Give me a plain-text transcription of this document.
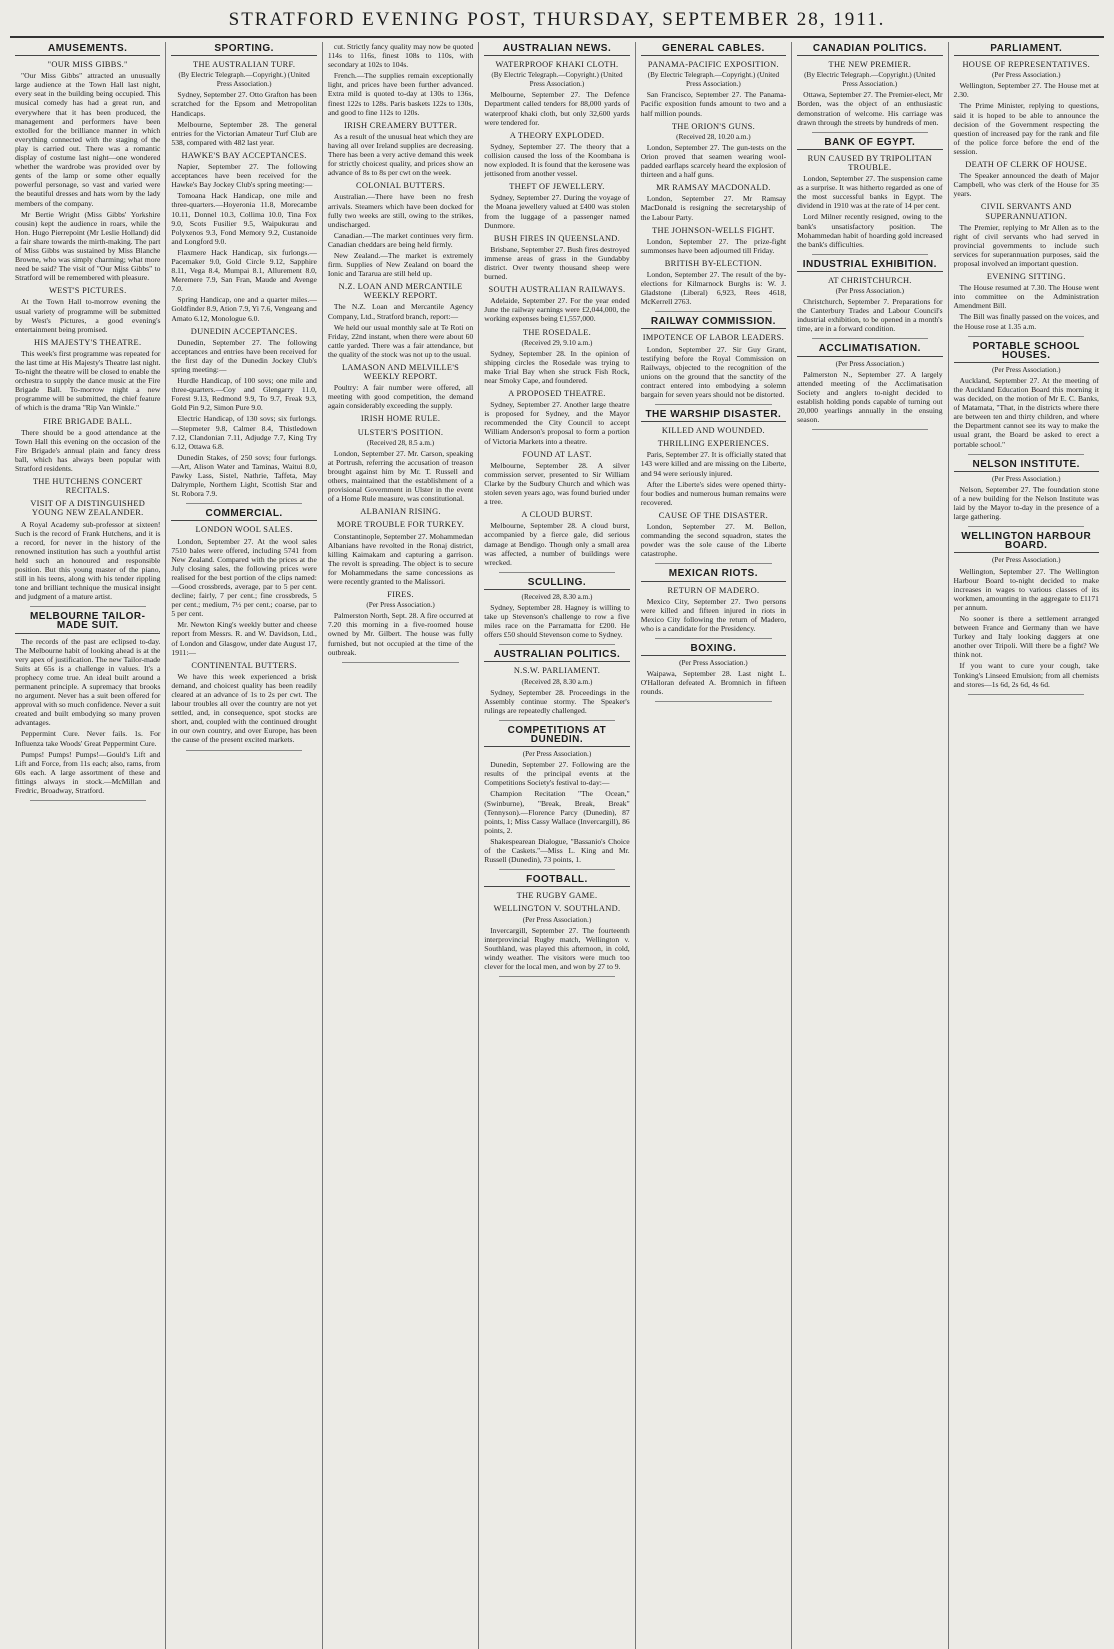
STRATFORD EVENING POST, THURSDAY, SEPTEMBER 28, 1911.
AMUSEMENTS.
"OUR MISS GIBBS."

"Our Miss Gibbs" attracted an unusually large audience at the Town Hall last night, every seat in the building being occupied. This musical comedy has had a great run, and everywhere that it has been produced, the management and performers have been extolled for the brilliance manner in which everything connected with the staging of the play is carried out. There was a romantic display of costume last night—one wondered whether the wardrobe was provided over by gents of the lamp or some other equally powerful personage, so vast and varied were the beautiful dresses and hats worn by the lady members of the company.

Mr Bertie Wright (Miss Gibbs' Yorkshire cousin) kept the audience in roars, while the Hon. Hugo Pierrepoint (Mr Leslie Holland) did a fair share towards the mirth-making. The part of Miss Gibbs was sustained by Miss Blanche Browne, who was simply charming; what more need be said? The visit of "Our Miss Gibbs" to Stratford will be remembered with pleasure.

WEST'S PICTURES.

At the Town Hall to-morrow evening the usual variety of programme will be submitted by West's Pictures, a good evening's entertainment being promised.

HIS MAJESTY'S THEATRE.

This week's first programme was repeated for the last time at His Majesty's Theatre last night. To-night the theatre will be closed to enable the orchestra to supply the dance music at the Fire Brigade Ball. To-morrow night a new programme will be submitted, the chief feature of which is the drama "Rip Van Winkle."

FIRE BRIGADE BALL.

There should be a good attendance at the Town Hall this evening on the occasion of the Fire Brigade's annual plain and fancy dress ball, which has always been popular with Stratford residents.

THE HUTCHENS CONCERT RECITALS.
VISIT OF A DISTINGUISHED YOUNG NEW ZEALANDER.

A Royal Academy sub-professor at sixteen! Such is the record of Frank Hutchens, and it is a record, for never in the history of the renowned institution has such a youthful artist held such an honoured and responsible position. But this young master of the piano, still in his teens, along with his tender rippling tone and brilliant technique the musical insight and judgment of a mature artist.

MELBOURNE TAILOR-MADE SUIT.

The records of the past are eclipsed to-day. The Melbourne habit of looking ahead is at the very apex of justification. The new Tailor-made Suits at 65s is a challenge in values. It's a prophecy come true. An ideal built around a permanent principle. A supremacy that brooks no argument. Never has a suit been offered for approval with so much confidence. Never a suit created and built embodying so many proven advantages.

Peppermint Cure. Never fails. 1s. For Influenza take Woods' Great Peppermint Cure.

Pumps! Pumps! Pumps!—Gould's Lift and Lift and Force, from 11s each; also, rams, from 60s each. A large assortment of these and fittings always in stock.—McMillan and Fredric, Broadway, Stratford.

SPORTING.
THE AUSTRALIAN TURF.
(By Electric Telegraph.—Copyright.) (United Press Association.)

Sydney, September 27. Otto Grafton has been scratched for the Epsom and Metropolitan Handicaps.

Melbourne, September 28. The general entries for the Victorian Amateur Turf Club are 538, compared with 482 last year.

HAWKE'S BAY ACCEPTANCES.

Napier, September 27. The following acceptances have been received for the Hawke's Bay Jockey Club's spring meeting:—

Tomoana Hack Handicap, one mile and three-quarters.—Hoyeronia 11.8, Morecambe 10.11, Donnel 10.3, Collima 10.0, Tina Fox 9.0, Scots Fusilier 9.5, Waipukurau and Polyxenos 9.3, Fond Memory 9.2, Custanoide and Longford 9.0.

Flaxmere Hack Handicap, six furlongs.—Pacemaker 9.0, Gold Circle 9.12, Sapphire 8.11, Vega 8.4, Mumpai 8.1, Allurement 8.0, Meremere 7.9, San Fran, Maude and Avenge 7.0.

Spring Handicap, one and a quarter miles.—Goldfinder 8.9, Ation 7.9, Yi 7.6, Vengeang and Amato 6.12, Monologue 6.0.

DUNEDIN ACCEPTANCES.

Dunedin, September 27. The following acceptances and entries have been received for the first day of the Dunedin Jockey Club's spring meeting:—

Hurdle Handicap, of 100 sovs; one mile and three-quarters.—Coy and Glengarry 11.0, Forest 9.13, Redmond 9.9, To 9.7, Freak 9.3, Gold Pin 9.2, Simon Pure 9.0.

Electric Handicap, of 130 sovs; six furlongs.—Stepmeter 9.8, Calmer 8.4, Thistledown 7.12, Clandonian 7.11, Adjudge 7.7, King Try 6.12, Ottawa 6.8.

Dunedin Stakes, of 250 sovs; four furlongs.—Art, Alison Water and Taminas, Waitui 8.0, Pawky Lass, Sistel, Nathrie, Taffeta, May Dalrymple, Northern Light, Scottish Star and St. Robora 7.9.

COMMERCIAL.
LONDON WOOL SALES.

London, September 27. At the wool sales 7510 bales were offered, including 5741 from New Zealand. Compared with the prices at the July closing sales, the following prices were realised for the best portion of the clips named:—Good crossbreds, average, par to 5 per cent. decline; fairly, 7 per cent.; fine crossbreds, 5 per cent.; medium, 7½ per cent.; coarse, par to 5 per cent.

Mr. Newton King's weekly butter and cheese report from Messrs. R. and W. Davidson, Ltd., of London and Glasgow, under date August 17, 1911:—

CONTINENTAL BUTTERS.

We have this week experienced a brisk demand, and choicest quality has been readily cleared at an advance of 1s to 2s per cwt. The labour troubles all over the country are not yet settled, and, in consequence, spot stocks are short, and, coupled with the continued drought in our own country, and over Europe, has been the cause of the present excited markets.

cut. Strictly fancy quality may now be quoted 114s to 116s, finest 108s to 110s, with secondary at 102s to 104s.

French.—The supplies remain exceptionally light, and prices have been further advanced. Extra mild is quoted to-day at 130s to 136s, finest 122s to 128s. Paris baskets 122s to 130s, and good to fine 112s to 120s.

IRISH CREAMERY BUTTER.

As a result of the unusual heat which they are having all over Ireland supplies are decreasing. There has been a very active demand this week for strictly choicest quality, and prices show an advance of 8s to 8s per cwt on the week.

COLONIAL BUTTERS.

Australian.—There have been no fresh arrivals. Steamers which have been docked for fully two weeks are still, owing to the strikes, undischarged.

Canadian.—The market continues very firm. Canadian cheddars are being held firmly.

New Zealand.—The market is extremely firm. Supplies of New Zealand on board the Ionic and Tararua are still held up.

N.Z. LOAN AND MERCANTILE WEEKLY REPORT.

The N.Z. Loan and Mercantile Agency Company, Ltd., Stratford branch, report:—

We held our usual monthly sale at Te Roti on Friday, 22nd instant, when there were about 60 cattle yarded. There was a fair attendance, but the quality of the stock was not up to the usual.

LAMASON AND MELVILLE'S WEEKLY REPORT.

Poultry: A fair number were offered, all meeting with good competition, the demand again considerably exceeding the supply.

IRISH HOME RULE.
ULSTER'S POSITION.
(Received 28, 8.5 a.m.)

London, September 27. Mr. Carson, speaking at Portrush, referring the accusation of treason brought against him by Mr. T. Russell and others, maintained that the establishment of a provisional Government in Ulster in the event of a Home Rule measure, was constitutional.

ALBANIAN RISING.
MORE TROUBLE FOR TURKEY.

Constantinople, September 27. Mohammedan Albanians have revolted in the Ronaj district, killing Kaimakam and capturing a garrison. The revolt is spreading. The object is to secure for Mohammedans the same concessions as were recently granted to the Malissori.

FIRES.
(Per Press Association.)

Palmerston North, Sept. 28. A fire occurred at 7.20 this morning in a five-roomed house owned by Mr. Gilbert. The house was fully furnished, but not occupied at the time of the outbreak.

AUSTRALIAN NEWS.
WATERPROOF KHAKI CLOTH.
(By Electric Telegraph.—Copyright.) (United Press Association.)

Melbourne, September 27. The Defence Department called tenders for 88,000 yards of waterproof khaki cloth, but only 32,600 yards were tendered for.

A THEORY EXPLODED.

Sydney, September 27. The theory that a collision caused the loss of the Koombana is now exploded. It is found that the kerosene was jettisoned from another vessel.

THEFT OF JEWELLERY.

Sydney, September 27. During the voyage of the Moana jewellery valued at £400 was stolen from the luggage of a passenger named Dunmore.

BUSH FIRES IN QUEENSLAND.

Brisbane, September 27. Bush fires destroyed immense areas of grass in the Gundabby district. Over twenty thousand sheep were burned.

SOUTH AUSTRALIAN RAILWAYS.

Adelaide, September 27. For the year ended June the railway earnings were £2,044,000, the working expenses being £1,557,000.

THE ROSEDALE.
(Received 29, 9.10 a.m.)

Sydney, September 28. In the opinion of shipping circles the Rosedale was trying to make Trial Bay when she struck Fish Rock, near Smoky Cape, and foundered.

A PROPOSED THEATRE.

Sydney, September 27. Another large theatre is proposed for Sydney, and the Mayor recommended the City Council to accept William Anderson's proposal to form a portion of Victoria Markets into a theatre.

FOUND AT LAST.

Melbourne, September 28. A silver commission server, presented to Sir William Clarke by the Sudbury Church and which was stolen seven years ago, was found buried under a tree.

A CLOUD BURST.

Melbourne, September 28. A cloud burst, accompanied by a fierce gale, did serious damage at Bendigo. Though only a small area was affected, a number of buildings were wrecked.

SCULLING.
(Received 28, 8.30 a.m.)

Sydney, September 28. Hagney is willing to take up Stevenson's challenge to row a five miles race on the Parramatta for £200. He offers £50 should Stevenson come to Sydney.

AUSTRALIAN POLITICS.
N.S.W. PARLIAMENT.
(Received 28, 8.30 a.m.)

Sydney, September 28. Proceedings in the Assembly continue stormy. The Speaker's rulings are repeatedly challenged.

COMPETITIONS AT DUNEDIN.
(Per Press Association.)

Dunedin, September 27. Following are the results of the principal events at the Competitions Society's festival to-day:—

Champion Recitation "The Ocean," (Swinburne), "Break, Break, Break" (Tennyson).—Florence Parcy (Dunedin), 87 points, 1; Miss Cassy Wallace (Invercargill), 86 points, 2.

Shakespearean Dialogue, "Bassanio's Choice of the Caskets."—Miss L. King and Mr. Russell (Dunedin), 73 points, 1.

FOOTBALL.
THE RUGBY GAME.
WELLINGTON V. SOUTHLAND.
(Per Press Association.)

Invercargill, September 27. The fourteenth interprovincial Rugby match, Wellington v. Southland, was played this afternoon, in cold, windy weather. The visitors were much too clever for the local men, and won by 27 to 9.

GENERAL CABLES.
PANAMA-PACIFIC EXPOSITION.
(By Electric Telegraph.—Copyright.) (United Press Association.)

San Francisco, September 27. The Panama-Pacific exposition funds amount to two and a half million pounds.

THE ORION'S GUNS.
(Received 28, 10.20 a.m.)

London, September 27. The gun-tests on the Orion proved that seamen wearing wool-padded earflaps scarcely heard the explosion of thirteen and a half guns.

MR RAMSAY MACDONALD.

London, September 27. Mr Ramsay MacDonald is resigning the secretaryship of the Labour Party.

THE JOHNSON-WELLS FIGHT.

London, September 27. The prize-fight summonses have been adjourned till Friday.

BRITISH BY-ELECTION.

London, September 27. The result of the by-elections for Kilmarnock Burghs is: W. J. Gladstone (Liberal) 6,923, Rees 4618, McKerrell 2763.

RAILWAY COMMISSION.
IMPOTENCE OF LABOR LEADERS.

London, September 27. Sir Guy Grant, testifying before the Royal Commission on Railways, objected to the recognition of the unions on the ground that the sanctity of the contract entered into embodying a solemn bargain for seven years should not be distorted.

THE WARSHIP DISASTER.
KILLED AND WOUNDED.
THRILLING EXPERIENCES.

Paris, September 27. It is officially stated that 143 were killed and are missing on the Liberte, and 94 were seriously injured.

After the Liberte's sides were opened thirty-four bodies and numerous human remains were recovered.

CAUSE OF THE DISASTER.

London, September 27. M. Bellon, commanding the second squadron, states the powder was the sole cause of the Liberte catastrophe.

MEXICAN RIOTS.
RETURN OF MADERO.

Mexico City, September 27. Two persons were killed and fifteen injured in riots in Mexico City following the return of Madero, who is a candidate for the Presidency.

BOXING.
(Per Press Association.)

Waipawa, September 28. Last night L. O'Halloran defeated A. Bromnich in fifteen rounds.

CANADIAN POLITICS.
THE NEW PREMIER.
(By Electric Telegraph.—Copyright.) (United Press Association.)

Ottawa, September 27. The Premier-elect, Mr Borden, was the object of an enthusiastic demonstration of welcome. His carriage was drawn through the streets by hundreds of men.

BANK OF EGYPT.
RUN CAUSED BY TRIPOLITAN TROUBLE.

London, September 27. The suspension came as a surprise. It was hitherto regarded as one of the most successful banks in Egypt. The dividend in 1910 was at the rate of 14 per cent.

Lord Milner recently resigned, owing to the bank's unsatisfactory position. The Mohammedan habit of hoarding gold increased the bank's difficulties.

INDUSTRIAL EXHIBITION.
AT CHRISTCHURCH.
(Per Press Association.)

Christchurch, September 7. Preparations for the Canterbury Trades and Labour Council's industrial exhibition, to be opened in a month's time, are in a forward condition.

ACCLIMATISATION.
(Per Press Association.)

Palmerston N., September 27. A largely attended meeting of the Acclimatisation Society and anglers to-night decided to establish holding ponds capable of turning out 20,000 yearlings annually in the ensuing season.

PARLIAMENT.
HOUSE OF REPRESENTATIVES.
(Per Press Association.)

Wellington, September 27. The House met at 2.30.

The Prime Minister, replying to questions, said it is hoped to be able to announce the decision of the Government respecting the question of increased pay for the rank and file of the police force before the end of the session.

DEATH OF CLERK OF HOUSE.

The Speaker announced the death of Major Campbell, who was clerk of the House for 35 years.

CIVIL SERVANTS AND SUPERANNUATION.

The Premier, replying to Mr Allen as to the right of civil servants who had served in provincial governments to include such services for superannuation purposes, said the proposal involved an important question.

EVENING SITTING.

The House resumed at 7.30. The House went into committee on the Administration Amendment Bill.

The Bill was finally passed on the voices, and the House rose at 1.35 a.m.

PORTABLE SCHOOL HOUSES.
(Per Press Association.)

Auckland, September 27. At the meeting of the Auckland Education Board this morning it was decided, on the motion of Mr E. C. Banks, of Matamata, "That, in the districts where there are between ten and thirty children, and where the Department cannot see its way to make the usual grant, the Board be asked to erect a portable school."

NELSON INSTITUTE.
(Per Press Association.)

Nelson, September 27. The foundation stone of a new building for the Nelson Institute was laid by the Mayor to-day in the presence of a large gathering.

WELLINGTON HARBOUR BOARD.
(Per Press Association.)

Wellington, September 27. The Wellington Harbour Board to-night decided to make increases in wages to various classes of its workmen, amounting in the aggregate to £1171 per annum.

No sooner is there a settlement arranged between France and Germany than we have Turkey and Italy looking daggers at one another over Tripoli. Will there be a fight? We think not.

If you want to cure your cough, take Tonking's Linseed Emulsion; from all chemists and stores—1s 6d, 2s 6d, 4s 6d.
